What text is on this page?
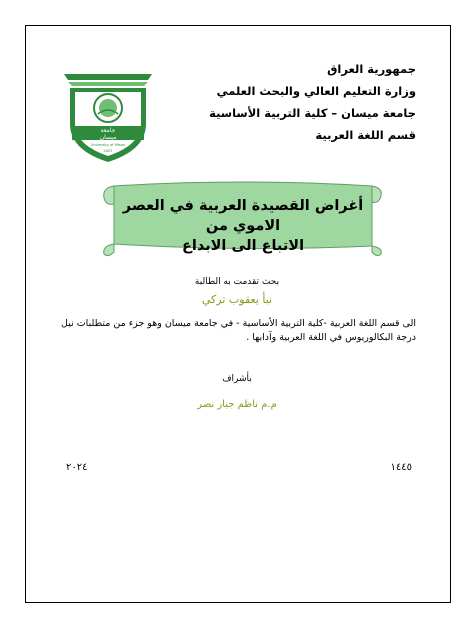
جمهورية العراق
وزارة التعليم العالي والبحث العلمي
جامعة ميسان – كلية التربية الأساسية
قسم اللغة العربية
جامعة
ميسان
University of Misan
2007
أغراض القصيدة العربية في العصر الاموي من
الاتباع الى الابداع
بحث تقدمت به الطالبة
نبأ يعقوب تركي
الى قسم اللغة العربية -كلية التربية الأساسية - في جامعة ميسان وهو جزء من متطلبات نيل درجة البكالوريوس في اللغة العربية وآدابها .
بأشراف
م.م ناظم جبار نصر
١٤٤٥
٢٠٢٤
